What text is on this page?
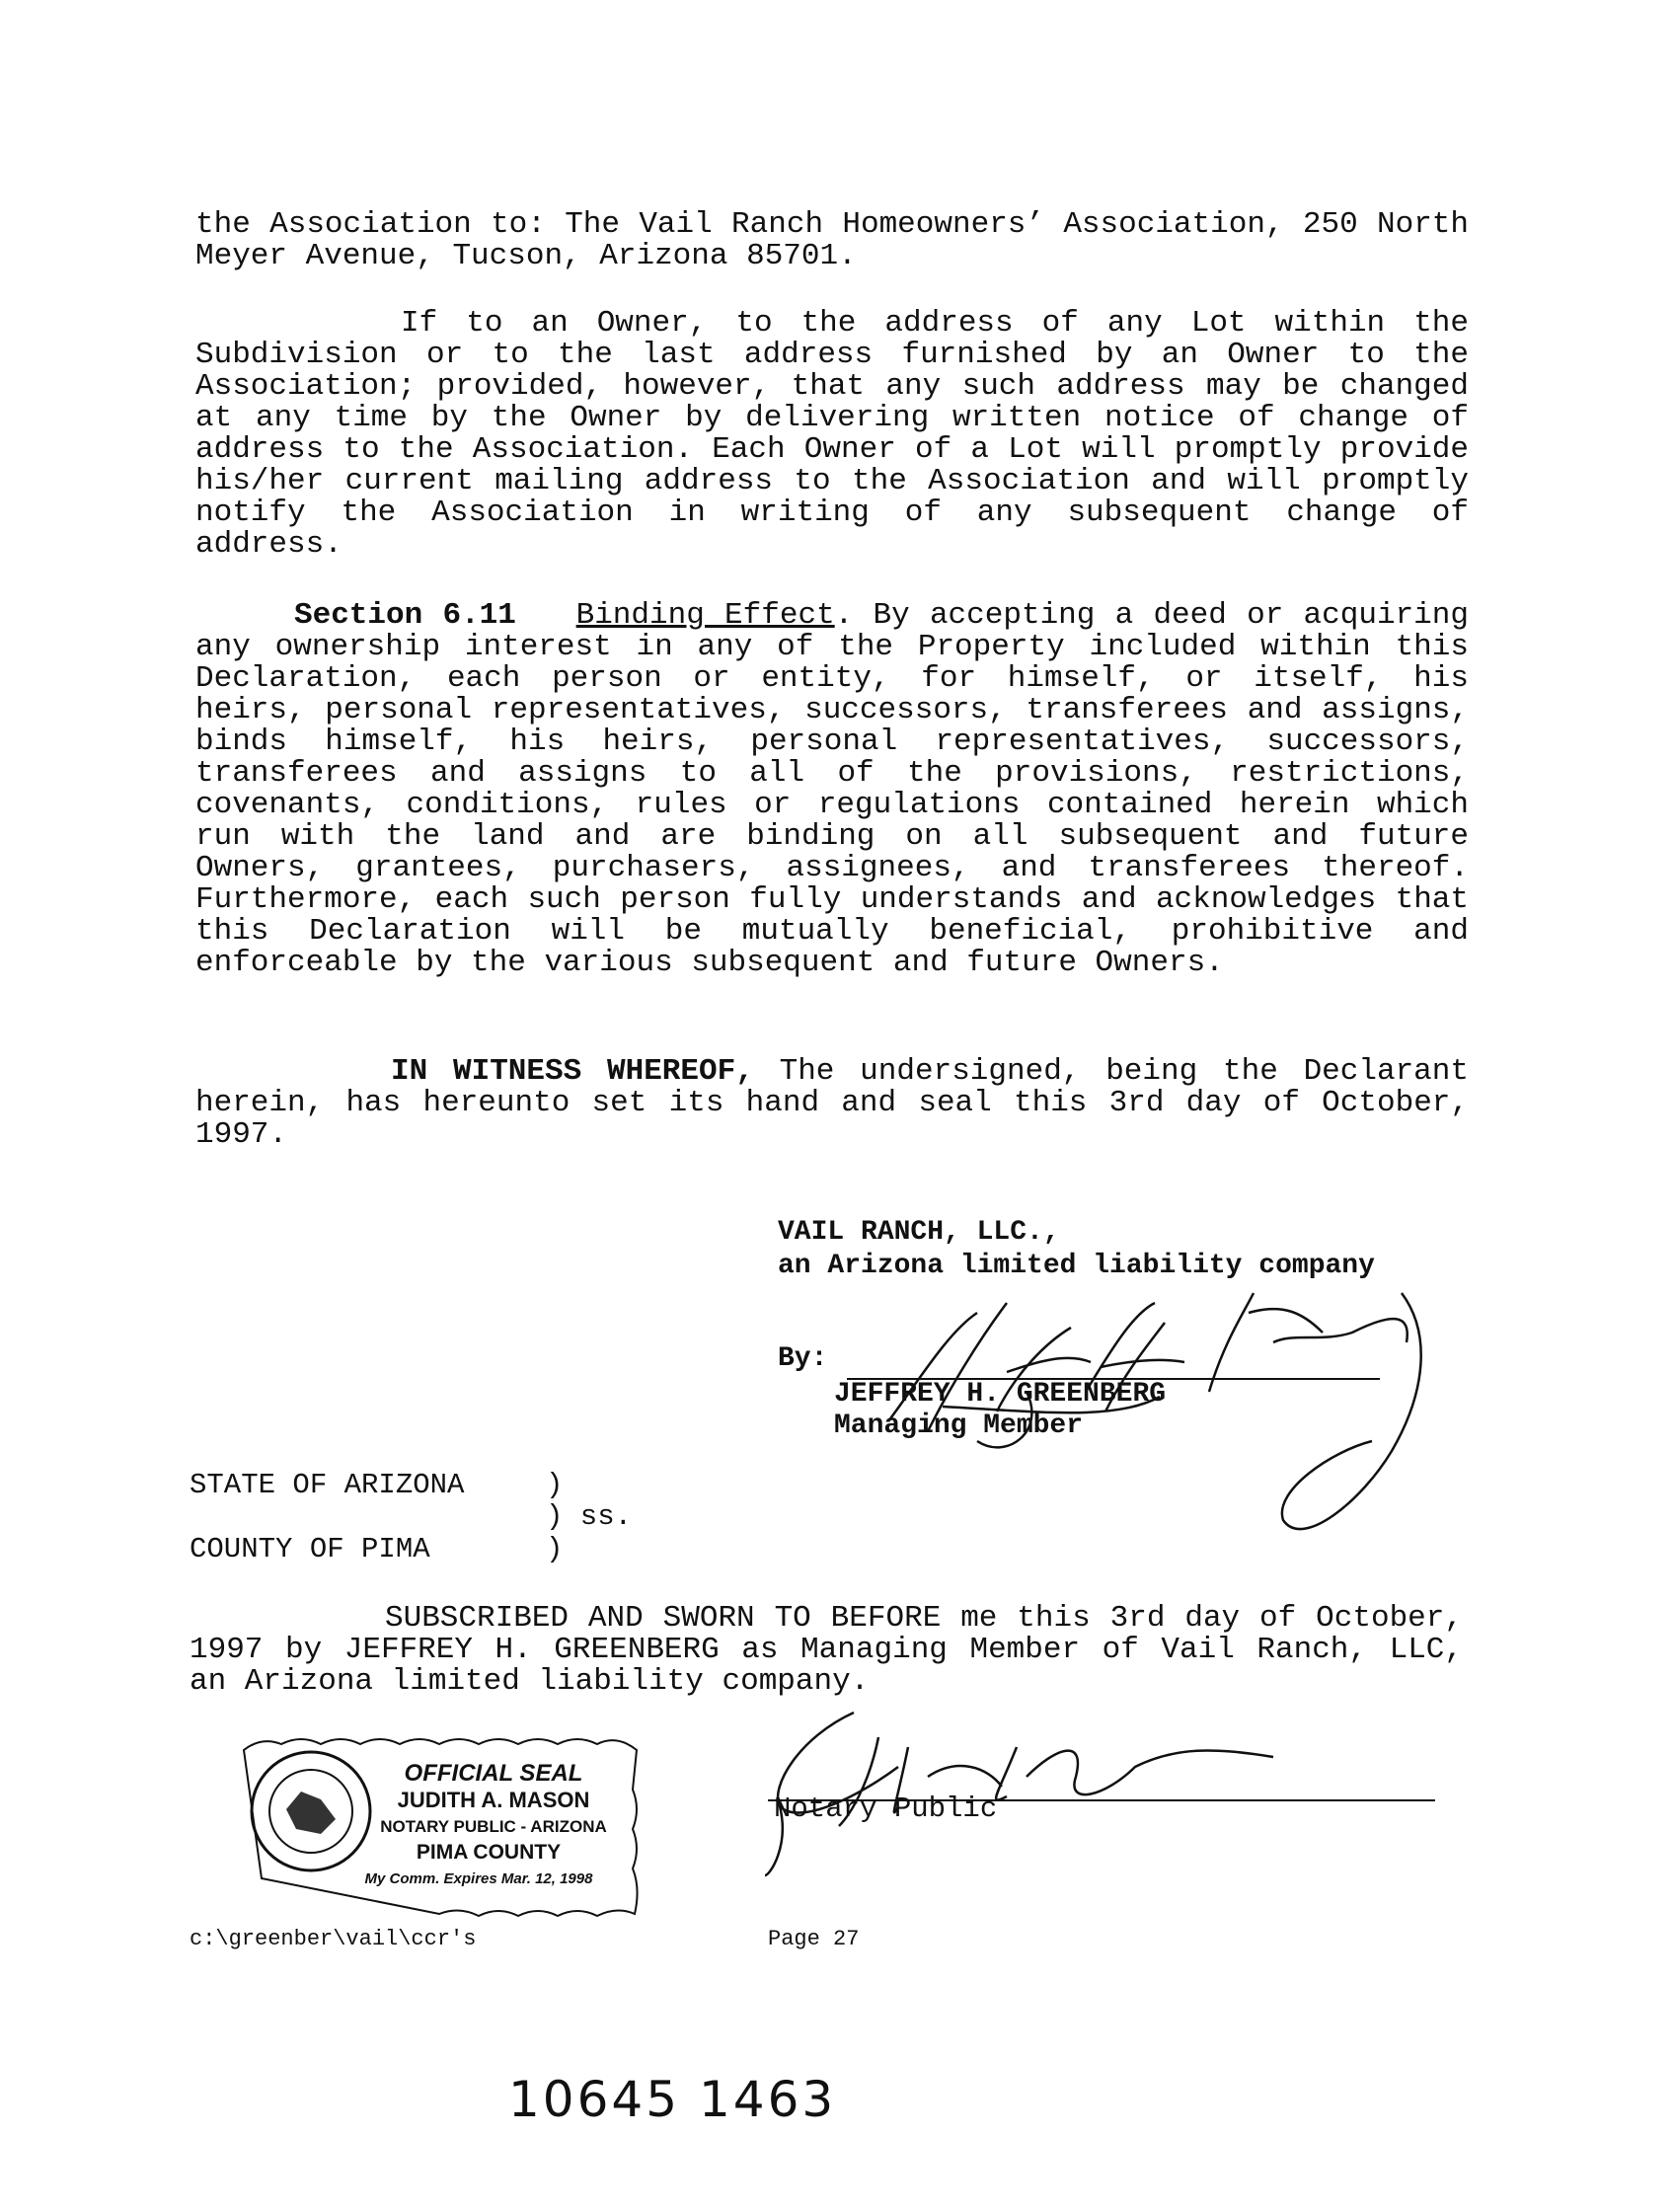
the Association to: The Vail Ranch Homeowners’ Association, 250 North Meyer Avenue, Tucson, Arizona 85701.

If to an Owner, to the address of any Lot within the Subdivision or to the last address furnished by an Owner to the Association; provided, however, that any such address may be changed at any time by the Owner by delivering written notice of change of address to the Association. Each Owner of a Lot will promptly provide his/her current mailing address to the Association and will promptly notify the Association in writing of any subsequent change of address.

Section 6.11 Binding Effect. By accepting a deed or acquiring any ownership interest in any of the Property included within this Declaration, each person or entity, for himself, or itself, his heirs, personal representatives, successors, transferees and assigns, binds himself, his heirs, personal representatives, successors, transferees and assigns to all of the provisions, restrictions, covenants, conditions, rules or regulations contained herein which run with the land and are binding on all subsequent and future Owners, grantees, purchasers, assignees, and transferees thereof. Furthermore, each such person fully understands and acknowledges that this Declaration will be mutually beneficial, prohibitive and enforceable by the various subsequent and future Owners.

IN WITNESS WHEREOF, The undersigned, being the Declarant herein, has hereunto set its hand and seal this 3rd day of October, 1997.

VAIL RANCH, LLC.,
an Arizona limited liability company
By:
JEFFREY H. GREENBERG
Managing Member
STATE OF ARIZONA	)
) ss.
COUNTY OF PIMA	)

SUBSCRIBED AND SWORN TO BEFORE me this 3rd day of October, 1997 by JEFFREY H. GREENBERG as Managing Member of Vail Ranch, LLC, an Arizona limited liability company.

Notary Public
OFFICIAL SEAL
JUDITH A. MASON
NOTARY PUBLIC - ARIZONA
PIMA COUNTY
My Comm. Expires Mar. 12, 1998
c:\greenber\vail\ccr's	Page 27
10645 1463
